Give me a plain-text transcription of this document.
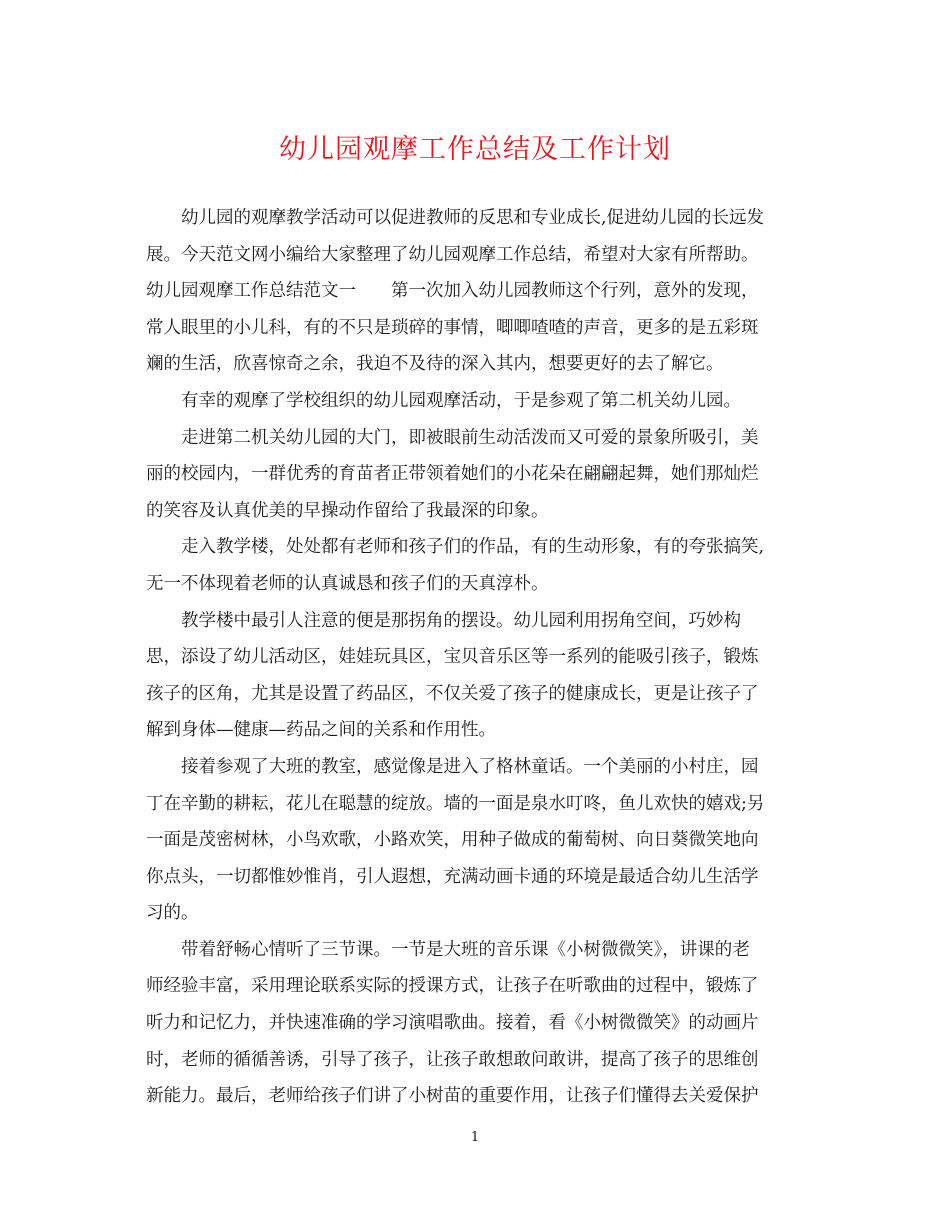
幼儿园观摩工作总结及工作计划
幼儿园的观摩教学活动可以促进教师的反思和专业成长,促进幼儿园的长远发
展。今天范文网小编给大家整理了幼儿园观摩工作总结，希望对大家有所帮助。
幼儿园观摩工作总结范文一　　第一次加入幼儿园教师这个行列，意外的发现，
常人眼里的小儿科，有的不只是琐碎的事情，唧唧喳喳的声音，更多的是五彩斑
斓的生活，欣喜惊奇之余，我迫不及待的深入其内，想要更好的去了解它。
有幸的观摩了学校组织的幼儿园观摩活动，于是参观了第二机关幼儿园。
走进第二机关幼儿园的大门，即被眼前生动活泼而又可爱的景象所吸引，美
丽的校园内，一群优秀的育苗者正带领着她们的小花朵在翩翩起舞，她们那灿烂
的笑容及认真优美的早操动作留给了我最深的印象。
走入教学楼，处处都有老师和孩子们的作品，有的生动形象，有的夸张搞笑,
无一不体现着老师的认真诚恳和孩子们的天真淳朴。
教学楼中最引人注意的便是那拐角的摆设。幼儿园利用拐角空间，巧妙构
思，添设了幼儿活动区，娃娃玩具区，宝贝音乐区等一系列的能吸引孩子，锻炼
孩子的区角，尤其是设置了药品区，不仅关爱了孩子的健康成长，更是让孩子了
解到身体—健康—药品之间的关系和作用性。
接着参观了大班的教室，感觉像是进入了格林童话。一个美丽的小村庄，园
丁在辛勤的耕耘，花儿在聪慧的绽放。墙的一面是泉水叮咚，鱼儿欢快的嬉戏;另
一面是茂密树林，小鸟欢歌，小路欢笑，用种子做成的葡萄树、向日葵微笑地向
你点头，一切都惟妙惟肖，引人遐想，充满动画卡通的环境是最适合幼儿生活学
习的。
带着舒畅心情听了三节课。一节是大班的音乐课《小树微微笑》，讲课的老
师经验丰富，采用理论联系实际的授课方式，让孩子在听歌曲的过程中，锻炼了
听力和记忆力，并快速准确的学习演唱歌曲。接着，看《小树微微笑》的动画片
时，老师的循循善诱，引导了孩子，让孩子敢想敢问敢讲，提高了孩子的思维创
新能力。最后，老师给孩子们讲了小树苗的重要作用，让孩子们懂得去关爱保护
1
